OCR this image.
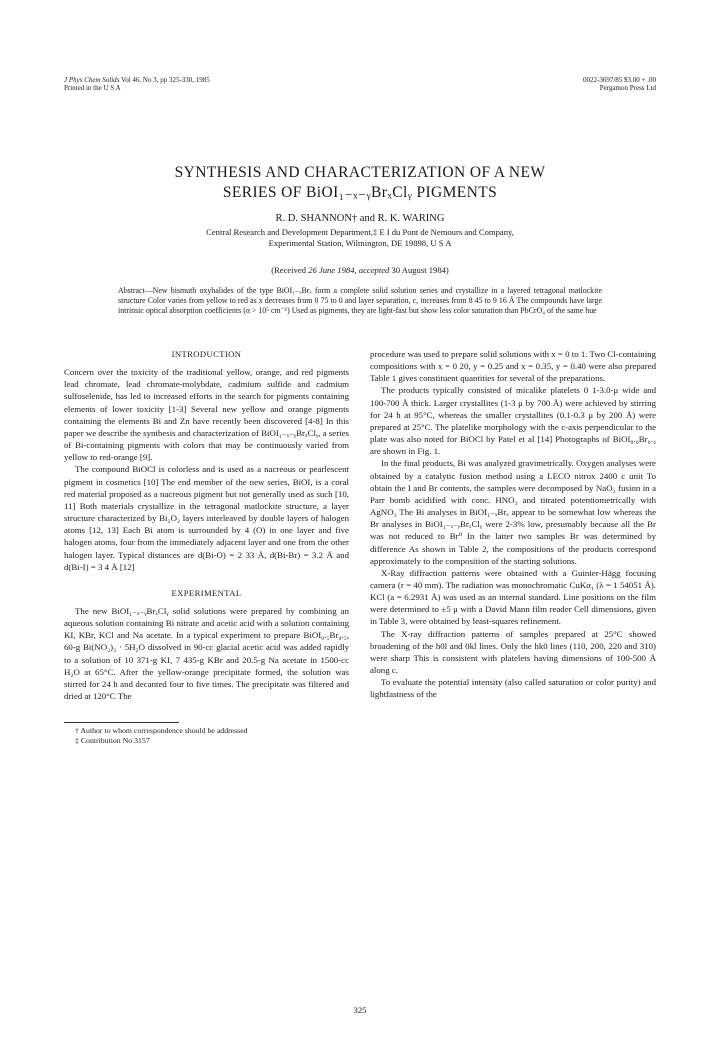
J Phys Chem Solids Vol 46, No 3, pp 325-330, 1985
Printed in the U S A
0022-3697/85 $3.00 + .00
Pergamon Press Ltd
SYNTHESIS AND CHARACTERIZATION OF A NEW
SERIES OF BiOI₁₋ₓ₋ᵧBrₓClᵧ PIGMENTS
R. D. SHANNON† and R. K. WARING
Central Research and Development Department,‡ E I du Pont de Nemours and Company,
Experimental Station, Wilmington, DE 19898, U S A
(Received 26 June 1984, accepted 30 August 1984)
Abstract—New bismuth oxyhalides of the type BiOI₁₋ₓBrₓ form a complete solid solution series and crystallize in a layered tetragonal matlockite structure Color varies from yellow to red as x decreases from 0 75 to 0 and layer separation, c, increases from 8 45 to 9 16 Å The compounds have large intrinsic optical absorption coefficients (α > 10⁵ cm⁻¹) Used as pigments, they are light-fast but show less color saturation than PbCrO₄ of the same hue
INTRODUCTION

Concern over the toxicity of the traditional yellow, orange, and red pigments lead chromate, lead chromate-molybdate, cadmium sulfide and cadmium sulfoselenide, has led to increased efforts in the search for pigments containing elements of lower toxicity [1-3] Several new yellow and orange pigments containing the elements Bi and Zn have recently been discovered [4-8] In this paper we describe the synthesis and characterization of BiOI₁₋ₓ₋ᵧBrₓClᵧ, a series of Bi-containing pigments with colors that may be continuously varied from yellow to red-orange [9].

The compound BiOCl is colorless and is used as a nacreous or pearlescent pigment in cosmetics [10] The end member of the new series, BiOI, is a coral red material proposed as a nacreous pigment but not generally used as such [10, 11] Both materials crystallize in the tetragonal matlockite structure, a layer structure characterized by Bi₂O₂ layers interleaved by double layers of halogen atoms [12, 13] Each Bi atom is surrounded by 4 (O) in one layer and five halogen atoms, four from the immediately adjacent layer and one from the other halogen layer. Typical distances are d(Bi-O) = 2 33 Å, d(Bi-Br) = 3.2 Å and d(Bi-I) = 3 4 Å [12]

EXPERIMENTAL

The new BiOI₁₋ₓ₋ᵧBrₓClᵧ solid solutions were prepared by combining an aqueous solution containing Bi nitrate and acetic acid with a solution containing KI, KBr, KCl and Na acetate. In a typical experiment to prepare BiOI₀.₅Br₀.₅, 60-g Bi(NO₃)₃ · 5H₂O dissolved in 90-cc glacial acetic acid was added rapidly to a solution of 10 371-g KI, 7 435-g KBr and 20.5-g Na acetate in 1500-cc H₂O at 65°C. After the yellow-orange precipitate formed, the solution was stirred for 24 h and decanted four to five times. The precipitate was filtered and dried at 120°C The

† Author to whom correspondence should be addressed

‡ Contribution No 3157

procedure was used to prepare solid solutions with x = 0 to 1. Two Cl-containing compositions with x = 0 20, y = 0.25 and x = 0.35, y = 0.40 were also prepared Table 1 gives constituent quantities for several of the preparations.

The products typically consisted of micalike platelets 0 1-3.0-μ wide and 100-700 Å thick. Larger crystallites (1-3 μ by 700 Å) were achieved by stirring for 24 h at 95°C, whereas the smaller crystallites (0.1-0.3 μ by 200 Å) were prepared at 25°C. The platelike morphology with the c-axis perpendicular to the plate was also noted for BiOCl by Patel et al [14] Photographs of BiOI₀.₆Br₀.₄ are shown in Fig. 1.

In the final products, Bi was analyzed gravimetrically. Oxygen analyses were obtained by a catalytic fusion method using a LECO nitrox 2400 c unit To obtain the I and Br contents, the samples were decomposed by NaO₂ fusion in a Parr bomb acidified with conc. HNO₃ and titrated potentiometrically with AgNO₃ The Bi analyses in BiOI₁₋ₓBrₓ appear to be somewhat low whereas the Br analyses in BiOI₁₋ₓ₋ᵧBrₓClᵧ were 2-3% low, presumably because all the Br was not reduced to Br⁰ In the latter two samples Br was determined by difference As shown in Table 2, the compositions of the products correspond approximately to the composition of the starting solutions.

X-Ray diffraction patterns were obtained with a Guinier-Hägg focusing camera (r = 40 mm). The radiation was monochromatic CuKα₁ (λ = 1 54051 Å). KCl (a = 6.2931 Å) was used as an internal standard. Line positions on the film were determined to ±5 μ with a David Mann film reader Cell dimensions, given in Table 3, were obtained by least-squares refinement.

The X-ray diffraction patterns of samples prepared at 25°C showed broadening of the h0l and 0kl lines. Only the hk0 lines (110, 200, 220 and 310) were sharp This is consistent with platelets having dimensions of 100-500 Å along c.

To evaluate the potential intensity (also called saturation or color purity) and lightfastness of the

325
